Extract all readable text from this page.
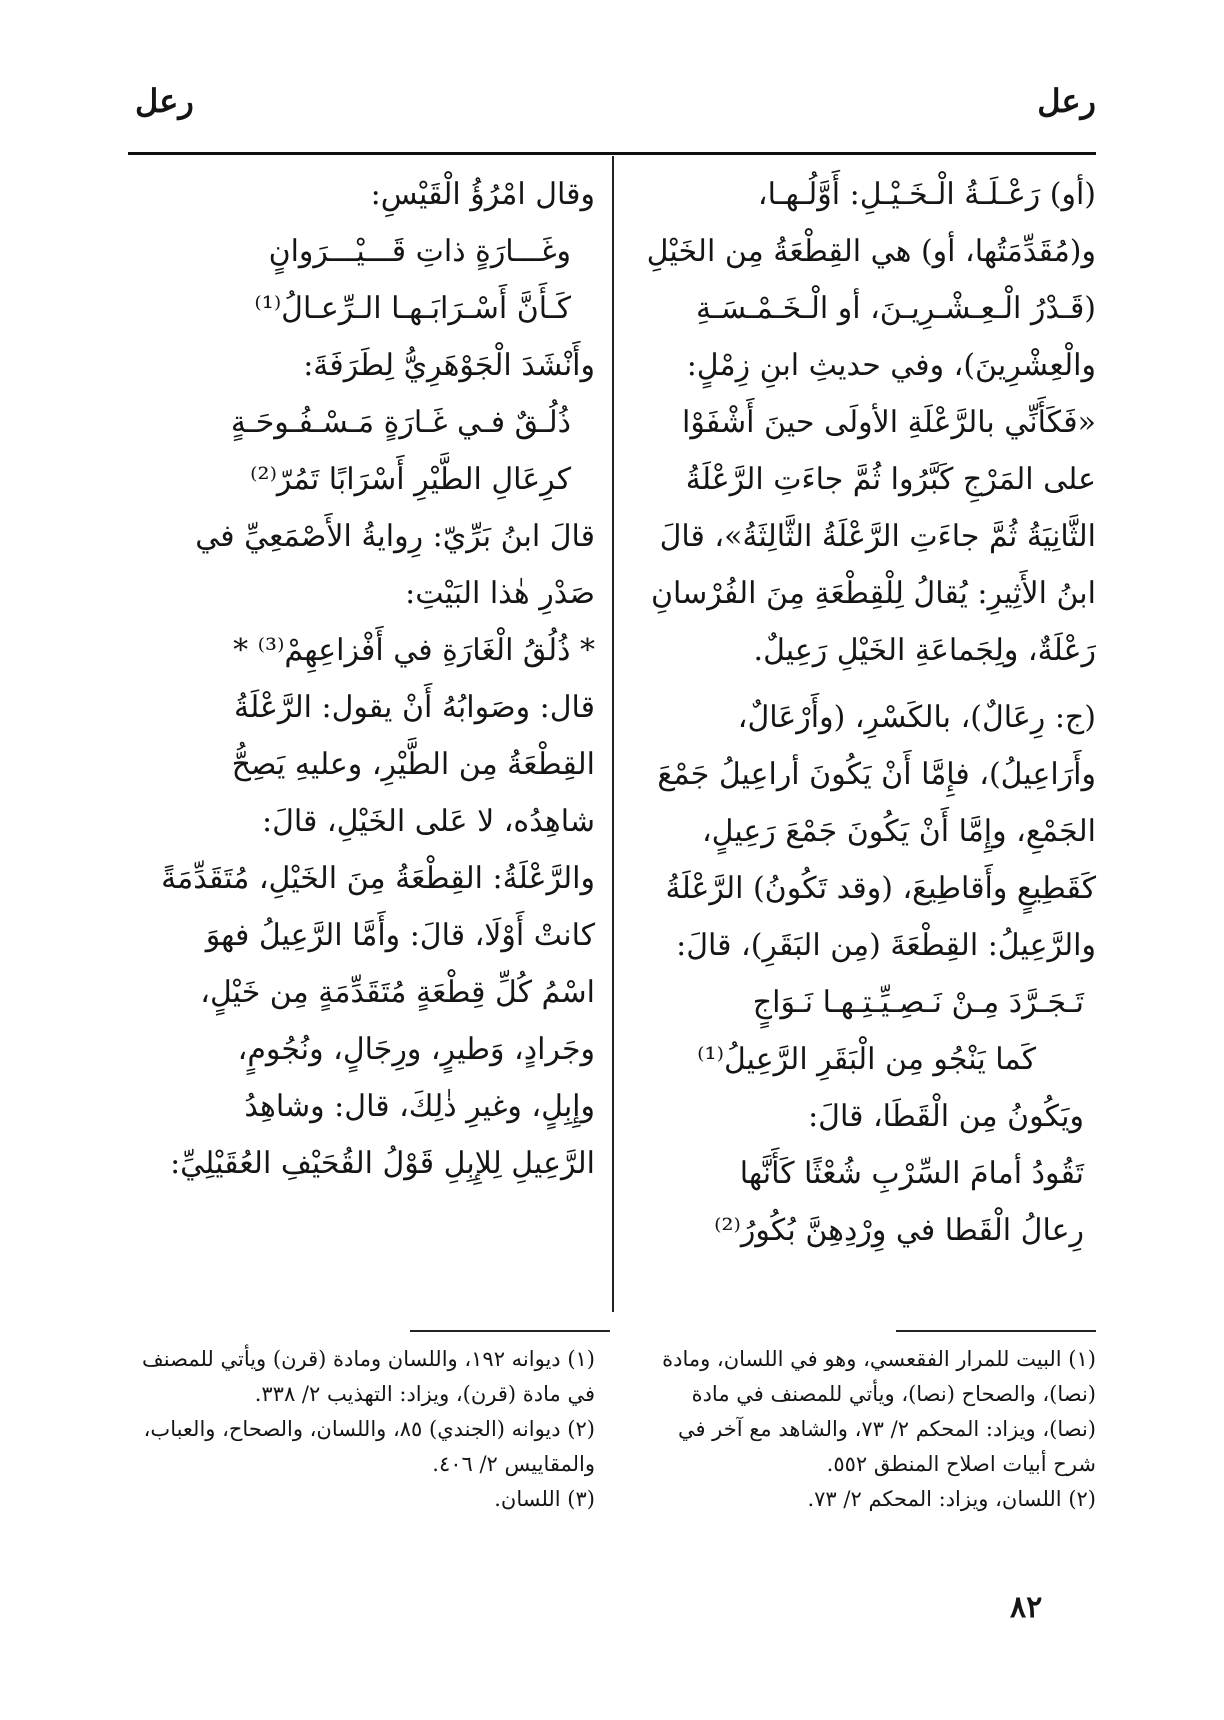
رعل
رعل

(أو) رَعْـلَـةُ الْـخَـيْـلِ: أَوَّلُـهـا،

و(مُقَدِّمَتُها، أو) هي القِطْعَةُ مِن الخَيْلِ

(قَـدْرُ الْـعِـشْـرِيـنَ، أو الْـخَـمْـسَـةِ

والْعِشْرِينَ)، وفي حديثِ ابنِ زِمْلٍ:

«فَكَأَنِّي بالرَّعْلَةِ الأولَى حينَ أَشْفَوْا

على المَرْجِ كَبَّرُوا ثُمَّ جاءَتِ الرَّعْلَةُ

الثَّانِيَةُ ثُمَّ جاءَتِ الرَّعْلَةُ الثَّالِثَةُ»، قالَ

ابنُ الأَثِيرِ: يُقالُ لِلْقِطْعَةِ مِنَ الفُرْسانِ

رَعْلَةٌ، ولِجَماعَةِ الخَيْلِ رَعِيلٌ.

(ج: رِعَالٌ)، بالكَسْرِ، (وأَرْعَالٌ،

وأَرَاعِيلُ)، فإِمَّا أَنْ يَكُونَ أراعِيلُ جَمْعَ

الجَمْعِ، وإِمَّا أَنْ يَكُونَ جَمْعَ رَعِيلٍ،

كَقَطِيعٍ وأَقاطِيعَ، (وقد تَكُونُ) الرَّعْلَةُ

والرَّعِيلُ: القِطْعَةَ (مِن البَقَرِ)، قالَ:

تَـجَـرَّدَ مِـنْ نَـصِـيِّـتِـهـا نَـوَاجٍ

كَما يَنْجُو مِن الْبَقَرِ الرَّعِيلُ⁽¹⁾

ويَكُونُ مِن الْقَطَا، قالَ:

تَقُودُ أمامَ السِّرْبِ شُعْثًا كَأَنَّها

رِعالُ الْقَطا في وِرْدِهِنَّ بُكُورُ⁽²⁾

وقال امْرُؤُ الْقَيْسِ:

وغَـــارَةٍ ذاتِ قَـــيْـــرَوانٍ

كَـأَنَّ أَسْـرَابَـهـا الـرِّعـالُ⁽¹⁾

وأَنْشَدَ الْجَوْهَرِيُّ لِطَرَفَةَ:

ذُلُـقٌ فـي غَـارَةٍ مَـسْـفُـوحَـةٍ

كرِعَالِ الطَّيْرِ أَسْرَابًا تَمُرّ⁽²⁾

قالَ ابنُ بَرِّيّ: رِوايةُ الأَصْمَعِيِّ في

صَدْرِ هٰذا البَيْتِ:

* ذُلُقُ الْغَارَةِ في أَفْزاعِهِمْ⁽³⁾ *

قال: وصَوابُهُ أَنْ يقول: الرَّعْلَةُ

القِطْعَةُ مِن الطَّيْرِ، وعليهِ يَصِحُّ

شاهِدُه، لا عَلى الخَيْلِ، قالَ:

والرَّعْلَةُ: القِطْعَةُ مِنَ الخَيْلِ، مُتَقَدِّمَةً

كانتْ أَوْلَا، قالَ: وأَمَّا الرَّعِيلُ فهوَ

اسْمُ كُلِّ قِطْعَةٍ مُتَقَدِّمَةٍ مِن خَيْلٍ،

وجَرادٍ، وَطيرٍ، ورِجَالٍ، ونُجُومٍ،

وإِبِلٍ، وغيرِ ذٰلِكَ، قال: وشاهِدُ

الرَّعِيلِ لِلإِبِلِ قَوْلُ القُحَيْفِ العُقَيْلِيِّ:

(١) البيت للمرار الفقعسي، وهو في اللسان، ومادة (نصا)، والصحاح (نصا)، ويأتي للمصنف في مادة (نصا)، ويزاد: المحكم ٢/ ٧٣، والشاهد مع آخر في شرح أبيات اصلاح المنطق ٥٥٢.

(٢) اللسان، ويزاد: المحكم ٢/ ٧٣.

(١) ديوانه ١٩٢، واللسان ومادة (قرن) ويأتي للمصنف في مادة (قرن)، ويزاد: التهذيب ٢/ ٣٣٨.

(٢) ديوانه (الجندي) ٨٥، واللسان، والصحاح، والعباب، والمقاييس ٢/ ٤٠٦.

(٣) اللسان.

٨٢
